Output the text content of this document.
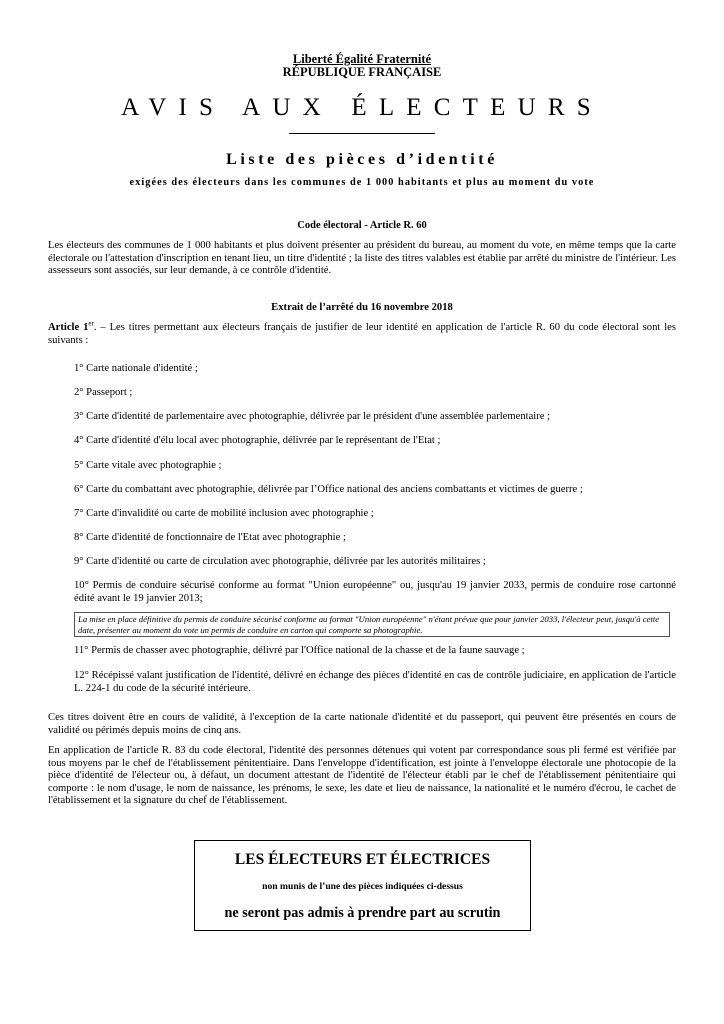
Liberté Égalité Fraternité
RÉPUBLIQUE FRANÇAISE
AVIS AUX ÉLECTEURS
Liste des pièces d’identité
exigées des électeurs dans les communes de 1 000 habitants et plus au moment du vote
Code électoral - Article R. 60
Les électeurs des communes de 1 000 habitants et plus doivent présenter au président du bureau, au moment du vote, en même temps que la carte électorale ou l'attestation d'inscription en tenant lieu, un titre d'identité ; la liste des titres valables est établie par arrêté du ministre de l'intérieur. Les assesseurs sont associés, sur leur demande, à ce contrôle d'identité.
Extrait de l’arrêté du 16 novembre 2018
Article 1er. – Les titres permettant aux électeurs français de justifier de leur identité en application de l'article R. 60 du code électoral sont les suivants :
1° Carte nationale d'identité ;
2° Passeport ;
3° Carte d'identité de parlementaire avec photographie, délivrée par le président d'une assemblée parlementaire ;
4° Carte d'identité d'élu local avec photographie, délivrée par le représentant de l'Etat ;
5° Carte vitale avec photographie ;
6° Carte du combattant avec photographie, délivrée par l’Office national des anciens combattants et victimes de guerre ;
7° Carte d'invalidité ou carte de mobilité inclusion avec photographie ;
8° Carte d'identité de fonctionnaire de l'Etat avec photographie ;
9° Carte d'identité ou carte de circulation avec photographie, délivrée par les autorités militaires ;
10° Permis de conduire sécurisé conforme au format "Union européenne" ou, jusqu'au 19 janvier 2033, permis de conduire rose cartonné édité avant le 19 janvier 2013;
La mise en place définitive du permis de conduire sécurisé conforme au format "Union européenne" n'étant prévue que pour janvier 2033, l'électeur peut, jusqu'à cette date, présenter au moment du vote un permis de conduire en carton qui comporte sa photographie.
11° Permis de chasser avec photographie, délivré par l'Office national de la chasse et de la faune sauvage ;
12° Récépissé valant justification de l'identité, délivré en échange des pièces d'identité en cas de contrôle judiciaire, en application de l'article L. 224-1 du code de la sécurité intérieure.
Ces titres doivent être en cours de validité, à l'exception de la carte nationale d'identité et du passeport, qui peuvent être présentés en cours de validité ou périmés depuis moins de cinq ans.
En application de l'article R. 83 du code électoral, l'identité des personnes détenues qui votent par correspondance sous pli fermé est vérifiée par tous moyens par le chef de l'établissement pénitentiaire. Dans l'enveloppe d'identification, est jointe à l'enveloppe électorale une photocopie de la pièce d'identité de l'électeur ou, à défaut, un document attestant de l'identité de l'électeur établi par le chef de l'établissement pénitentiaire qui comporte : le nom d'usage, le nom de naissance, les prénoms, le sexe, les date et lieu de naissance, la nationalité et le numéro d'écrou, le cachet de l'établissement et la signature du chef de l'établissement.
LES ÉLECTEURS ET ÉLECTRICES
non munis de l’une des pièces indiquées ci-dessus
ne seront pas admis à prendre part au scrutin
